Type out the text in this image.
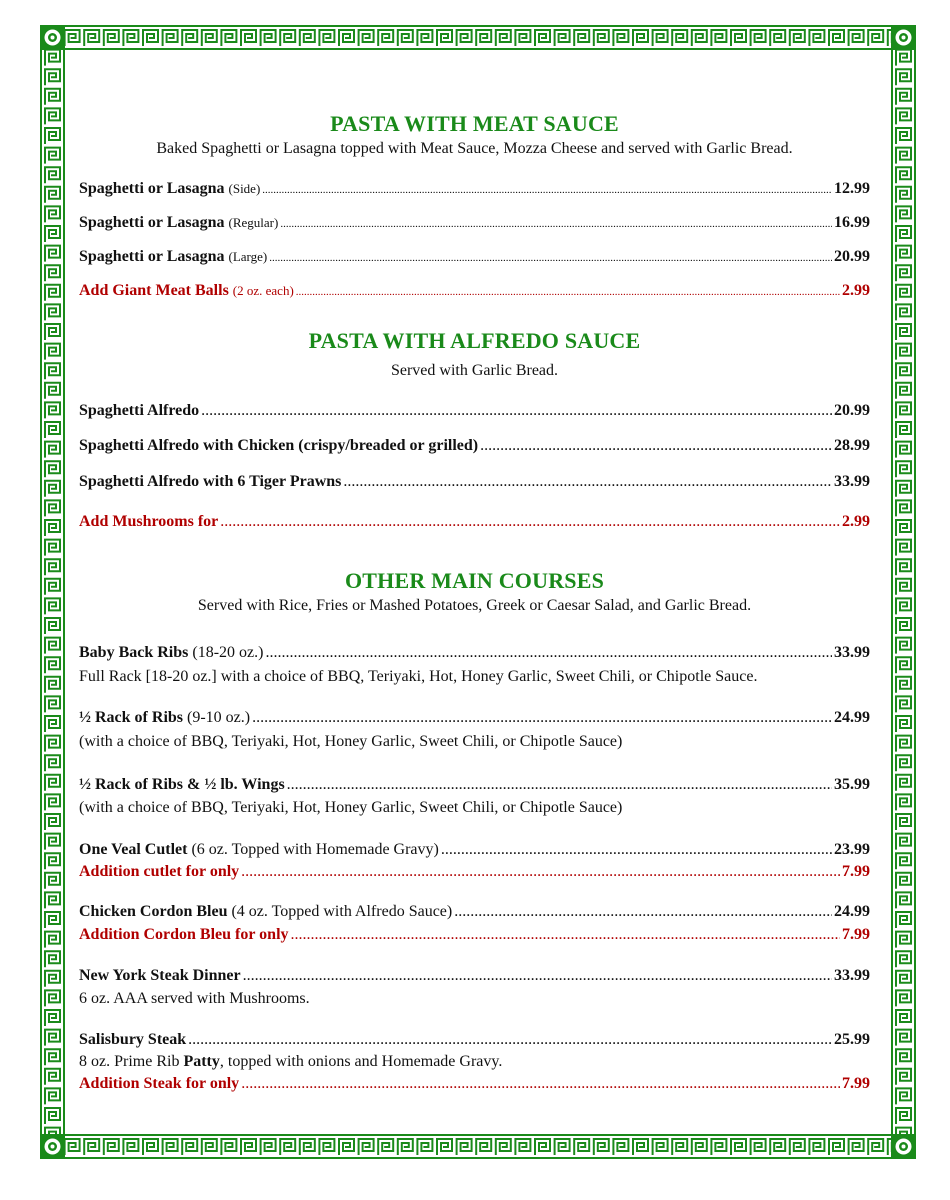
PASTA WITH MEAT SAUCE
Baked Spaghetti or Lasagna topped with Meat Sauce, Mozza Cheese and served with Garlic Bread.
Spaghetti or Lasagna
(Side) .....	12.99
Spaghetti or Lasagna
(Regular) .....	16.99
Spaghetti or Lasagna
(Large) .....	20.99
Add Giant Meat Balls
(2 oz. each) .....	2.99
PASTA WITH ALFREDO SAUCE
Served with Garlic Bread.
Spaghetti Alfredo .....	20.99
Spaghetti Alfredo with Chicken (crispy/breaded or grilled) .....	28.99
Spaghetti Alfredo with 6 Tiger Prawns .....	33.99
Add Mushrooms for .....	2.99
OTHER MAIN COURSES
Served with Rice, Fries or Mashed Potatoes, Greek or Caesar Salad, and Garlic Bread.
Baby Back Ribs
(18-20 oz.) .....	33.99
Full Rack [18-20 oz.] with a choice of BBQ, Teriyaki, Hot, Honey Garlic, Sweet Chili, or Chipotle Sauce.
½ Rack of Ribs
(9-10 oz.) .....	24.99
(with a choice of BBQ, Teriyaki, Hot, Honey Garlic, Sweet Chili, or Chipotle Sauce)
½ Rack of Ribs & ½ lb. Wings .....	35.99
(with a choice of BBQ, Teriyaki, Hot, Honey Garlic, Sweet Chili, or Chipotle Sauce)
One Veal Cutlet
(6 oz. Topped with Homemade Gravy) .....	23.99
Addition cutlet for only .....	7.99
Chicken Cordon Bleu
(4 oz. Topped with Alfredo Sauce) .....	24.99
Addition Cordon Bleu for only .....	7.99
New York Steak Dinner .....	33.99
6 oz. AAA served with Mushrooms.
Salisbury Steak .....	25.99
8 oz. Prime Rib Patty, topped with onions and Homemade Gravy.
Addition Steak for only .....	7.99
